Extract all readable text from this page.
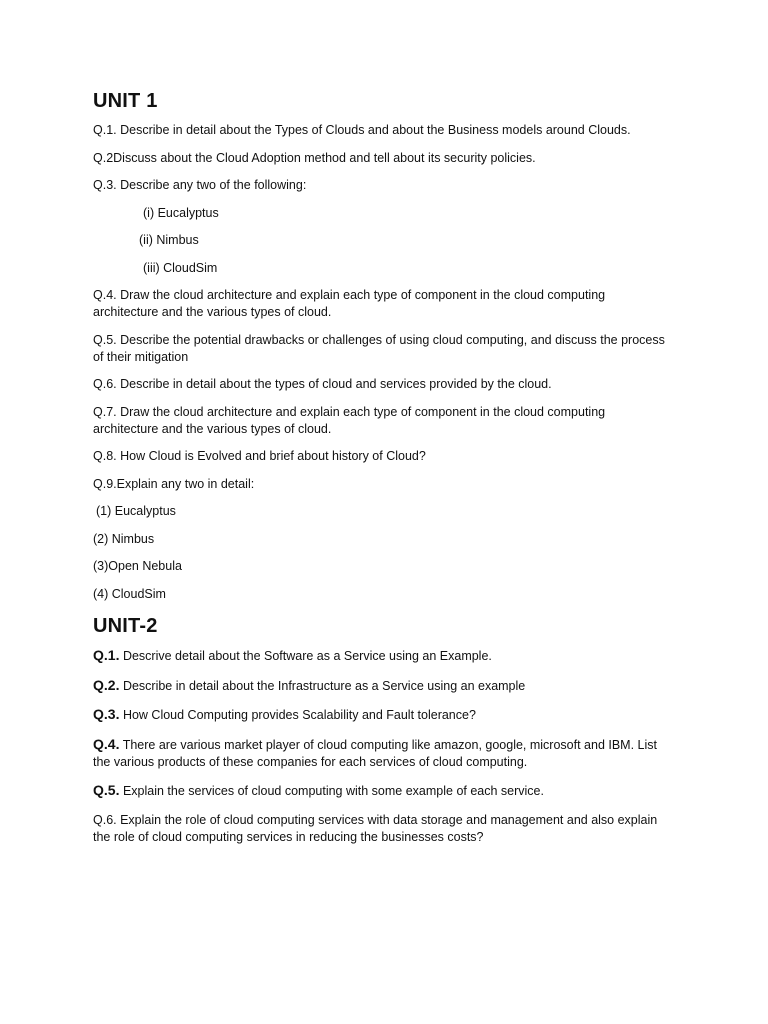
UNIT 1

Q.1. Describe in detail about the Types of Clouds and about the Business models around Clouds.

Q.2Discuss about the Cloud Adoption method and tell about its security policies.

Q.3. Describe any two of the following:

(i) Eucalyptus

(ii) Nimbus

(iii) CloudSim

Q.4. Draw the cloud architecture and explain each type of component in the cloud computing architecture and the various types of cloud.

Q.5. Describe the potential drawbacks or challenges of using cloud computing, and discuss the process of their mitigation

Q.6. Describe in detail about the types of cloud and services provided by the cloud.

Q.7. Draw the cloud architecture and explain each type of component in the cloud computing architecture and the various types of cloud.

Q.8. How Cloud is Evolved and brief about history of Cloud?

Q.9.Explain any two in detail:

(1) Eucalyptus

(2) Nimbus

(3)Open Nebula

(4) CloudSim

UNIT-2

Q.1. Descrive detail about the Software as a Service using an Example.

Q.2. Describe in detail about the Infrastructure as a Service using an example

Q.3. How Cloud Computing provides Scalability and Fault tolerance?

Q.4. There are various market player of cloud computing like amazon, google, microsoft and IBM. List the various products of these companies for each services of cloud computing.

Q.5. Explain the services of cloud computing with some example of each service.

Q.6. Explain the role of cloud computing services with data storage and management and also explain the role of cloud computing services in reducing the businesses costs?
